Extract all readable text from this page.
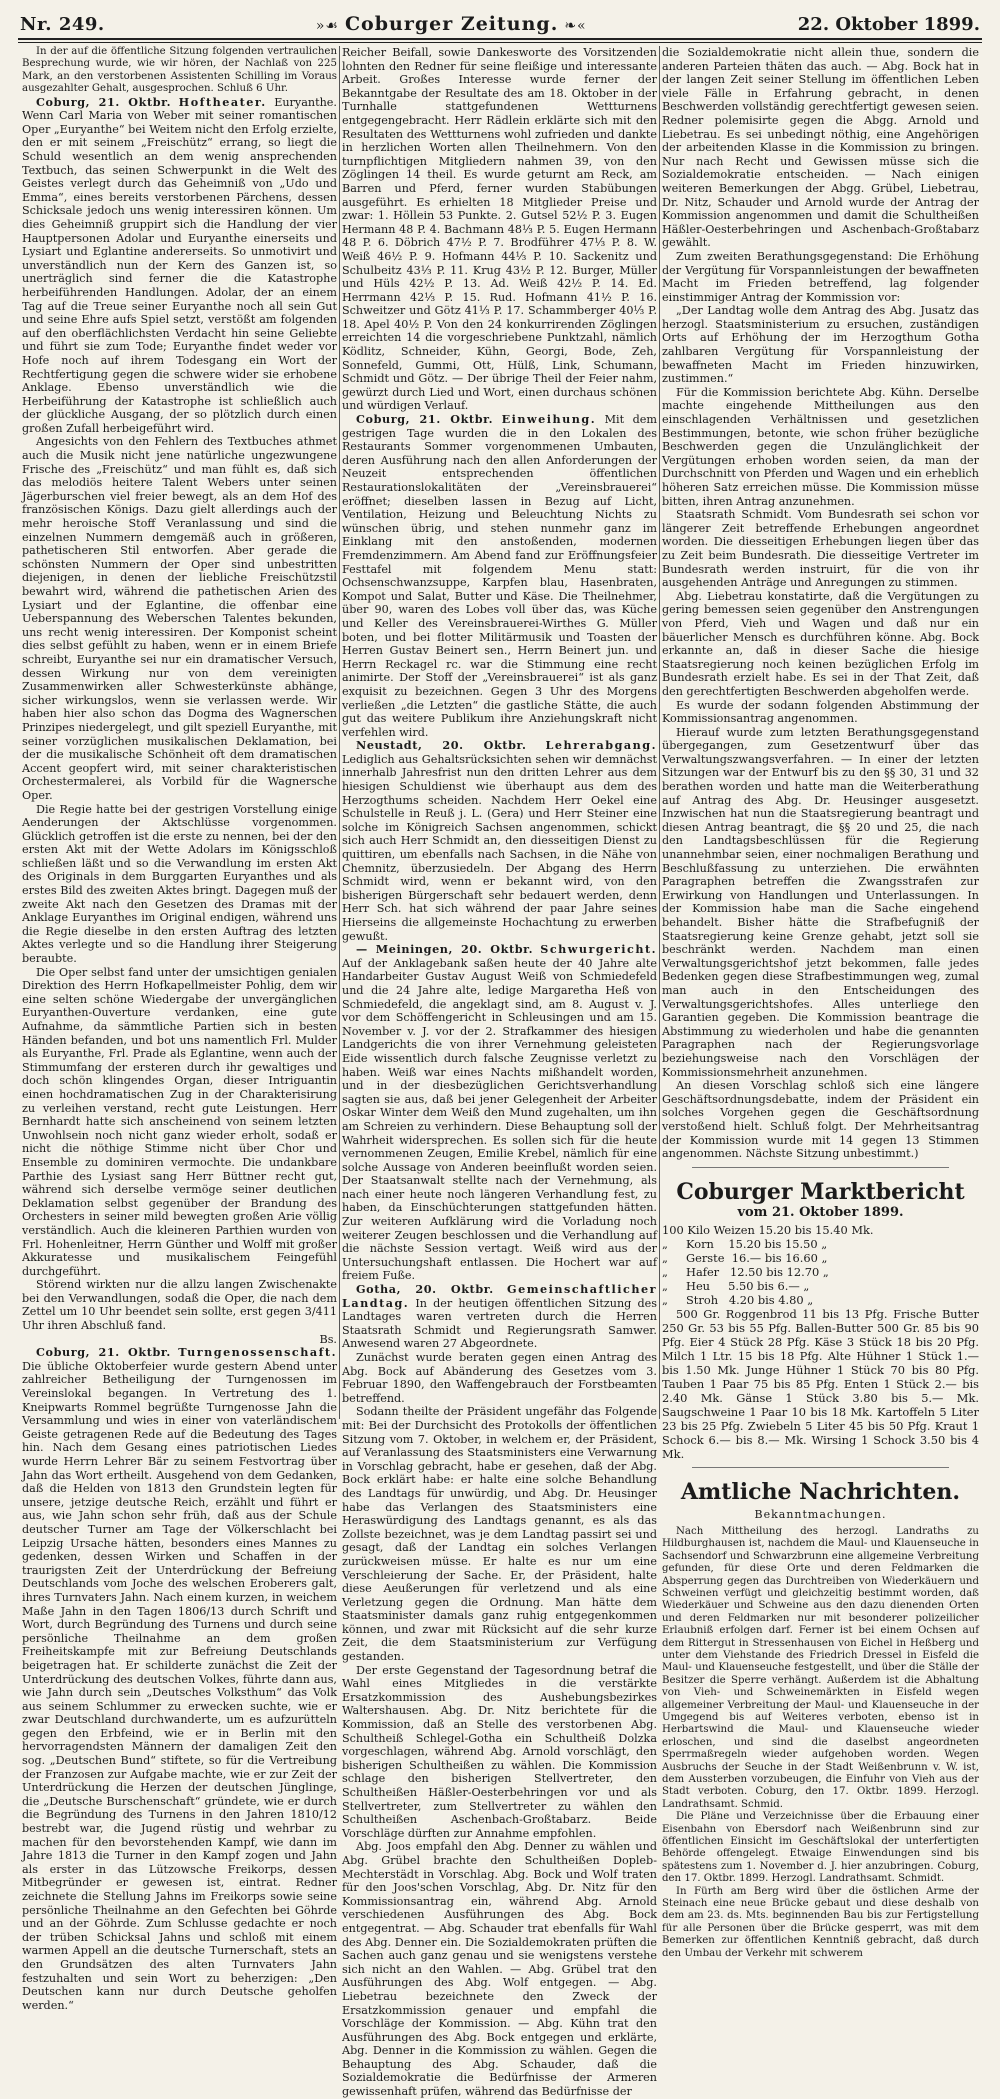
Nr. 249.	»☙ Coburger Zeitung. ❧«	22. Oktober 1899.

In der auf die öffentliche Sitzung folgenden vertraulichen Besprechung wurde, wie wir hören, der Nachlaß von 225 Mark, an den verstorbenen Assistenten Schilling im Voraus ausgezahlter Gehalt, ausgesprochen. Schluß 6 Uhr.

Coburg, 21. Oktbr. Hoftheater. Euryanthe. Wenn Carl Maria von Weber mit seiner romantischen Oper „Euryanthe“ bei Weitem nicht den Erfolg erzielte, den er mit seinem „Freischütz“ errang, so liegt die Schuld wesentlich an dem wenig ansprechenden Textbuch, das seinen Schwerpunkt in die Welt des Geistes verlegt durch das Geheimniß von „Udo und Emma“, eines bereits verstorbenen Pärchens, dessen Schicksale jedoch uns wenig interessiren können. Um dies Geheimniß gruppirt sich die Handlung der vier Hauptpersonen Adolar und Euryanthe einerseits und Lysiart und Eglantine andererseits. So unmotivirt und unverständlich nun der Kern des Ganzen ist, so unerträglich sind ferner die die Katastrophe herbeiführenden Handlungen. Adolar, der an einem Tag auf die Treue seiner Euryanthe noch all sein Gut und seine Ehre aufs Spiel setzt, verstößt am folgenden auf den oberflächlichsten Verdacht hin seine Geliebte und führt sie zum Tode; Euryanthe findet weder vor Hofe noch auf ihrem Todesgang ein Wort der Rechtfertigung gegen die schwere wider sie erhobene Anklage. Ebenso unverständlich wie die Herbeiführung der Katastrophe ist schließlich auch der glückliche Ausgang, der so plötzlich durch einen großen Zufall herbeigeführt wird.

Angesichts von den Fehlern des Textbuches athmet auch die Musik nicht jene natürliche ungezwungene Frische des „Freischütz“ und man fühlt es, daß sich das melodiös heitere Talent Webers unter seinen Jägerburschen viel freier bewegt, als an dem Hof des französischen Königs. Dazu gielt allerdings auch der mehr heroische Stoff Veranlassung und sind die einzelnen Nummern demgemäß auch in größeren, pathetischeren Stil entworfen. Aber gerade die schönsten Nummern der Oper sind unbestritten diejenigen, in denen der liebliche Freischützstil bewahrt wird, während die pathetischen Arien des Lysiart und der Eglantine, die offenbar eine Ueberspannung des Weberschen Talentes bekunden, uns recht wenig interessiren. Der Komponist scheint dies selbst gefühlt zu haben, wenn er in einem Briefe schreibt, Euryanthe sei nur ein dramatischer Versuch, dessen Wirkung nur von dem vereinigten Zusammenwirken aller Schwesterkünste abhänge, sicher wirkungslos, wenn sie verlassen werde. Wir haben hier also schon das Dogma des Wagnerschen Prinzipes niedergelegt, und gilt speziell Euryanthe, mit seiner vorzüglichen musikalischen Deklamation, bei der die musikalische Schönheit oft dem dramatischen Accent geopfert wird, mit seiner charakteristischen Orchestermalerei, als Vorbild für die Wagnersche Oper.

Die Regie hatte bei der gestrigen Vorstellung einige Aenderungen der Aktschlüsse vorgenommen. Glücklich getroffen ist die erste zu nennen, bei der den ersten Akt mit der Wette Adolars im Königsschloß schließen läßt und so die Verwandlung im ersten Akt des Originals in dem Burggarten Euryanthes und als erstes Bild des zweiten Aktes bringt. Dagegen muß der zweite Akt nach den Gesetzen des Dramas mit der Anklage Euryanthes im Original endigen, während uns die Regie dieselbe in den ersten Auftrag des letzten Aktes verlegte und so die Handlung ihrer Steigerung beraubte.

Die Oper selbst fand unter der umsichtigen genialen Direktion des Herrn Hofkapellmeister Pohlig, dem wir eine selten schöne Wiedergabe der unvergänglichen Euryanthen-Ouverture verdanken, eine gute Aufnahme, da sämmtliche Partien sich in besten Händen befanden, und bot uns namentlich Frl. Mulder als Euryanthe, Frl. Prade als Eglantine, wenn auch der Stimmumfang der ersteren durch ihr gewaltiges und doch schön klingendes Organ, dieser Intriguantin einen hochdramatischen Zug in der Charakterisirung zu verleihen verstand, recht gute Leistungen. Herr Bernhardt hatte sich anscheinend von seinem letzten Unwohlsein noch nicht ganz wieder erholt, sodaß er nicht die nöthige Stimme nicht über Chor und Ensemble zu dominiren vermochte. Die undankbare Parthie des Lysiast sang Herr Büttner recht gut, während sich derselbe vermöge seiner deutlichen Deklamation selbst gegenüber der Brandung des Orchesters in seiner mild bewegten großen Arie völlig verständlich. Auch die kleineren Parthien wurden von Frl. Hohenleitner, Herrn Günther und Wolff mit großer Akkuratesse und musikalischem Feingefühl durchgeführt.

Störend wirkten nur die allzu langen Zwischenakte bei den Verwandlungen, sodaß die Oper, die nach dem Zettel um 10 Uhr beendet sein sollte, erst gegen 3/411 Uhr ihren Abschluß fand.

Bs.

Coburg, 21. Oktbr. Turngenossenschaft. Die übliche Oktoberfeier wurde gestern Abend unter zahlreicher Betheiligung der Turngenossen im Vereinslokal begangen. In Vertretung des 1. Kneipwarts Rommel begrüßte Turngenosse Jahn die Versammlung und wies in einer von vaterländischem Geiste getragenen Rede auf die Bedeutung des Tages hin. Nach dem Gesang eines patriotischen Liedes wurde Herrn Lehrer Bär zu seinem Festvortrag über Jahn das Wort ertheilt. Ausgehend von dem Gedanken, daß die Helden von 1813 den Grundstein legten für unsere, jetzige deutsche Reich, erzählt und führt er aus, wie Jahn schon sehr früh, daß aus der Schule deutscher Turner am Tage der Völkerschlacht bei Leipzig Ursache hätten, besonders eines Mannes zu gedenken, dessen Wirken und Schaffen in der traurigsten Zeit der Unterdrückung der Befreiung Deutschlands vom Joche des welschen Eroberers galt, ihres Turnvaters Jahn. Nach einem kurzen, in weichem Maße Jahn in den Tagen 1806/13 durch Schrift und Wort, durch Begründung des Turnens und durch seine persönliche Theilnahme an dem großen Freiheitskampfe mit zur Befreiung Deutschlands beigetragen hat. Er schilderte zunächst die Zeit der Unterdrückung des deutschen Volkes, führte dann aus, wie Jahn durch sein „Deutsches Volksthum“ das Volk aus seinem Schlummer zu erwecken suchte, wie er zwar Deutschland durchwanderte, um es aufzurütteln gegen den Erbfeind, wie er in Berlin mit den hervorragendsten Männern der damaligen Zeit den sog. „Deutschen Bund“ stiftete, so für die Vertreibung der Franzosen zur Aufgabe machte, wie er zur Zeit der Unterdrückung die Herzen der deutschen Jünglinge, die „Deutsche Burschenschaft“ gründete, wie er durch die Begründung des Turnens in den Jahren 1810/12 bestrebt war, die Jugend rüstig und wehrbar zu machen für den bevorstehenden Kampf, wie dann im Jahre 1813 die Turner in den Kampf zogen und Jahn als erster in das Lützowsche Freikorps, dessen Mitbegründer er gewesen ist, eintrat. Redner zeichnete die Stellung Jahns im Freikorps sowie seine persönliche Theilnahme an den Gefechten bei Göhrde und an der Göhrde. Zum Schlusse gedachte er noch der trüben Schicksal Jahns und schloß mit einem warmen Appell an die deutsche Turnerschaft, stets an den Grundsätzen des alten Turnvaters Jahn festzuhalten und sein Wort zu beherzigen: „Den Deutschen kann nur durch Deutsche geholfen werden.“

Reicher Beifall, sowie Dankesworte des Vorsitzenden lohnten den Redner für seine fleißige und interessante Arbeit. Großes Interesse wurde ferner der Bekanntgabe der Resultate des am 18. Oktober in der Turnhalle stattgefundenen Wettturnens entgegengebracht. Herr Rädlein erklärte sich mit den Resultaten des Wettturnens wohl zufrieden und dankte in herzlichen Worten allen Theilnehmern. Von den turnpflichtigen Mitgliedern nahmen 39, von den Zöglingen 14 theil. Es wurde geturnt am Reck, am Barren und Pferd, ferner wurden Stabübungen ausgeführt. Es erhielten 18 Mitglieder Preise und zwar: 1. Höllein 53 Punkte. 2. Gutsel 52½ P. 3. Eugen Hermann 48 P. 4. Bachmann 48⅓ P. 5. Eugen Hermann 48 P. 6. Döbrich 47½ P. 7. Brodführer 47⅓ P. 8. W. Weiß 46½ P. 9. Hofmann 44⅓ P. 10. Sackenitz und Schulbeitz 43⅓ P. 11. Krug 43½ P. 12. Burger, Müller und Hüls 42½ P. 13. Ad. Weiß 42½ P. 14. Ed. Herrmann 42⅓ P. 15. Rud. Hofmann 41½ P. 16. Schweitzer und Götz 41⅓ P. 17. Schammberger 40⅓ P. 18. Apel 40½ P. Von den 24 konkurrirenden Zöglingen erreichten 14 die vorgeschriebene Punktzahl, nämlich Ködlitz, Schneider, Kühn, Georgi, Bode, Zeh, Sonnefeld, Gummi, Ott, Hülß, Link, Schumann, Schmidt und Götz. — Der übrige Theil der Feier nahm, gewürzt durch Lied und Wort, einen durchaus schönen und würdigen Verlauf.

Coburg, 21. Oktbr. Einweihung. Mit dem gestrigen Tage wurden die in den Lokalen des Restaurants Sommer vorgenommenen Umbauten, deren Ausführung nach den allen Anforderungen der Neuzeit entsprechenden öffentlichen Restaurationslokalitäten der „Vereinsbrauerei“ eröffnet; dieselben lassen in Bezug auf Licht, Ventilation, Heizung und Beleuchtung Nichts zu wünschen übrig, und stehen nunmehr ganz im Einklang mit den anstoßenden, modernen Fremdenzimmern. Am Abend fand zur Eröffnungsfeier Festtafel mit folgendem Menu statt: Ochsenschwanzsuppe, Karpfen blau, Hasenbraten, Kompot und Salat, Butter und Käse. Die Theilnehmer, über 90, waren des Lobes voll über das, was Küche und Keller des Vereinsbrauerei-Wirthes G. Müller boten, und bei flotter Militärmusik und Toasten der Herren Gustav Beinert sen., Herrn Beinert jun. und Herrn Reckagel rc. war die Stimmung eine recht animirte. Der Stoff der „Vereinsbrauerei“ ist als ganz exquisit zu bezeichnen. Gegen 3 Uhr des Morgens verließen „die Letzten“ die gastliche Stätte, die auch gut das weitere Publikum ihre Anziehungskraft nicht verfehlen wird.

Neustadt, 20. Oktbr. Lehrerabgang. Lediglich aus Gehaltsrücksichten sehen wir demnächst innerhalb Jahresfrist nun den dritten Lehrer aus dem hiesigen Schuldienst wie überhaupt aus dem des Herzogthums scheiden. Nachdem Herr Oekel eine Schulstelle in Reuß j. L. (Gera) und Herr Steiner eine solche im Königreich Sachsen angenommen, schickt sich auch Herr Schmidt an, den diesseitigen Dienst zu quittiren, um ebenfalls nach Sachsen, in die Nähe von Chemnitz, überzusiedeln. Der Abgang des Herrn Schmidt wird, wenn er bekannt wird, von den bisherigen Bürgerschaft sehr bedauert werden, denn Herr Sch. hat sich während der paar Jahre seines Hierseins die allgemeinste Hochachtung zu erwerben gewußt.

— Meiningen, 20. Oktbr. Schwurgericht. Auf der Anklagebank saßen heute der 40 Jahre alte Handarbeiter Gustav August Weiß von Schmiedefeld und die 24 Jahre alte, ledige Margaretha Heß von Schmiedefeld, die angeklagt sind, am 8. August v. J. vor dem Schöffengericht in Schleusingen und am 15. November v. J. vor der 2. Strafkammer des hiesigen Landgerichts die von ihrer Vernehmung geleisteten Eide wissentlich durch falsche Zeugnisse verletzt zu haben. Weiß war eines Nachts mißhandelt worden, und in der diesbezüglichen Gerichtsverhandlung sagten sie aus, daß bei jener Gelegenheit der Arbeiter Oskar Winter dem Weiß den Mund zugehalten, um ihn am Schreien zu verhindern. Diese Behauptung soll der Wahrheit widersprechen. Es sollen sich für die heute vernommenen Zeugen, Emilie Krebel, nämlich für eine solche Aussage von Anderen beeinflußt worden seien. Der Staatsanwalt stellte nach der Vernehmung, als nach einer heute noch längeren Verhandlung fest, zu haben, da Einschüchterungen stattgefunden hätten. Zur weiteren Aufklärung wird die Vorladung noch weiterer Zeugen beschlossen und die Verhandlung auf die nächste Session vertagt. Weiß wird aus der Untersuchungshaft entlassen. Die Hochert war auf freiem Fuße.

Gotha, 20. Oktbr. Gemeinschaftlicher Landtag. In der heutigen öffentlichen Sitzung des Landtages waren vertreten durch die Herren Staatsrath Schmidt und Regierungsrath Samwer. Anwesend waren 27 Abgeordnete.

Zunächst wurde beraten gegen einen Antrag des Abg. Bock auf Abänderung des Gesetzes vom 3. Februar 1890, den Waffengebrauch der Forstbeamten betreffend.

Sodann theilte der Präsident ungefähr das Folgende mit: Bei der Durchsicht des Protokolls der öffentlichen Sitzung vom 7. Oktober, in welchem er, der Präsident, auf Veranlassung des Staatsministers eine Verwarnung in Vorschlag gebracht, habe er gesehen, daß der Abg. Bock erklärt habe: er halte eine solche Behandlung des Landtags für unwürdig, und Abg. Dr. Heusinger habe das Verlangen des Staatsministers eine Heraswürdigung des Landtags genannt, es als das Zollste bezeichnet, was je dem Landtag passirt sei und gesagt, daß der Landtag ein solches Verlangen zurückweisen müsse. Er halte es nur um eine Verschleierung der Sache. Er, der Präsident, halte diese Aeußerungen für verletzend und als eine Verletzung gegen die Ordnung. Man hätte dem Staatsminister damals ganz ruhig entgegenkommen können, und zwar mit Rücksicht auf die sehr kurze Zeit, die dem Staatsministerium zur Verfügung gestanden.

Der erste Gegenstand der Tagesordnung betraf die Wahl eines Mitgliedes in die verstärkte Ersatzkommission des Aushebungsbezirkes Waltershausen. Abg. Dr. Nitz berichtete für die Kommission, daß an Stelle des verstorbenen Abg. Schultheiß Schlegel-Gotha ein Schultheiß Dolzka vorgeschlagen, während Abg. Arnold vorschlägt, den bisherigen Schultheißen zu wählen. Die Kommission schlage den bisherigen Stellvertreter, den Schultheißen Häßler-Oesterbehringen vor und als Stellvertreter, zum Stellvertreter zu wählen den Schultheißen Aschenbach-Großtabarz. Beide Vorschläge dürften zur Annahme empfohlen.

Abg. Joos empfahl den Abg. Denner zu wählen und Abg. Grübel brachte den Schultheißen Dopleb-Mechterstädt in Vorschlag. Abg. Bock und Wolf traten für den Joos'schen Vorschlag, Abg. Dr. Nitz für den Kommissionsantrag ein, während Abg. Arnold verschiedenen Ausführungen des Abg. Bock entgegentrat. — Abg. Schauder trat ebenfalls für Wahl des Abg. Denner ein. Die Sozialdemokraten prüften die Sachen auch ganz genau und sie wenigstens verstehe sich nicht an den Wahlen. — Abg. Grübel trat den Ausführungen des Abg. Wolf entgegen. — Abg. Liebetrau bezeichnete den Zweck der Ersatzkommission genauer und empfahl die Vorschläge der Kommission. — Abg. Kühn trat den Ausführungen des Abg. Bock entgegen und erklärte, Abg. Denner in die Kommission zu wählen. Gegen die Behauptung des Abg. Schauder, daß die Sozialdemokratie die Bedürfnisse der Armeren gewissenhaft prüfen, während das Bedürfnisse der

die Sozialdemokratie nicht allein thue, sondern die anderen Parteien thäten das auch. — Abg. Bock hat in der langen Zeit seiner Stellung im öffentlichen Leben viele Fälle in Erfahrung gebracht, in denen Beschwerden vollständig gerechtfertigt gewesen seien. Redner polemisirte gegen die Abgg. Arnold und Liebetrau. Es sei unbedingt nöthig, eine Angehörigen der arbeitenden Klasse in die Kommission zu bringen. Nur nach Recht und Gewissen müsse sich die Sozialdemokratie entscheiden. — Nach einigen weiteren Bemerkungen der Abgg. Grübel, Liebetrau, Dr. Nitz, Schauder und Arnold wurde der Antrag der Kommission angenommen und damit die Schultheißen Häßler-Oesterbehringen und Aschenbach-Großtabarz gewählt.

Zum zweiten Berathungsgegenstand: Die Erhöhung der Vergütung für Vorspannleistungen der bewaffneten Macht im Frieden betreffend, lag folgender einstimmiger Antrag der Kommission vor:

„Der Landtag wolle dem Antrag des Abg. Jusatz das herzogl. Staatsministerium zu ersuchen, zuständigen Orts auf Erhöhung der im Herzogthum Gotha zahlbaren Vergütung für Vorspannleistung der bewaffneten Macht im Frieden hinzuwirken, zustimmen.“

Für die Kommission berichtete Abg. Kühn. Derselbe machte eingehende Mittheilungen aus den einschlagenden Verhältnissen und gesetzlichen Bestimmungen, betonte, wie schon früher bezügliche Beschwerden gegen die Unzulänglichkeit der Vergütungen erhoben worden seien, da man der Durchschnitt von Pferden und Wagen und ein erheblich höheren Satz erreichen müsse. Die Kommission müsse bitten, ihren Antrag anzunehmen.

Staatsrath Schmidt. Vom Bundesrath sei schon vor längerer Zeit betreffende Erhebungen angeordnet worden. Die diesseitigen Erhebungen liegen über das zu Zeit beim Bundesrath. Die diesseitige Vertreter im Bundesrath werden instruirt, für die von ihr ausgehenden Anträge und Anregungen zu stimmen.

Abg. Liebetrau konstatirte, daß die Vergütungen zu gering bemessen seien gegenüber den Anstrengungen von Pferd, Vieh und Wagen und daß nur ein bäuerlicher Mensch es durchführen könne. Abg. Bock erkannte an, daß in dieser Sache die hiesige Staatsregierung noch keinen bezüglichen Erfolg im Bundesrath erzielt habe. Es sei in der That Zeit, daß den gerechtfertigten Beschwerden abgeholfen werde.

Es wurde der sodann folgenden Abstimmung der Kommissionsantrag angenommen.

Hierauf wurde zum letzten Berathungsgegenstand übergegangen, zum Gesetzentwurf über das Verwaltungszwangsverfahren. — In einer der letzten Sitzungen war der Entwurf bis zu den §§ 30, 31 und 32 berathen worden und hatte man die Weiterberathung auf Antrag des Abg. Dr. Heusinger ausgesetzt. Inzwischen hat nun die Staatsregierung beantragt und diesen Antrag beantragt, die §§ 20 und 25, die nach den Landtagsbeschlüssen für die Regierung unannehmbar seien, einer nochmaligen Berathung und Beschlußfassung zu unterziehen. Die erwähnten Paragraphen betreffen die Zwangsstrafen zur Erwirkung von Handlungen und Unterlassungen. In der Kommission habe man die Sache eingehend behandelt. Bisher hätte die Strafbefugniß der Staatsregierung keine Grenze gehabt, jetzt soll sie beschränkt werden. Nachdem man einen Verwaltungsgerichtshof jetzt bekommen, falle jedes Bedenken gegen diese Strafbestimmungen weg, zumal man auch in den Entscheidungen des Verwaltungsgerichtshofes. Alles unterliege den Garantien gegeben. Die Kommission beantrage die Abstimmung zu wiederholen und habe die genannten Paragraphen nach der Regierungsvorlage beziehungsweise nach den Vorschlägen der Kommissionsmehrheit anzunehmen.

An diesen Vorschlag schloß sich eine längere Geschäftsordnungsdebatte, indem der Präsident ein solches Vorgehen gegen die Geschäftsordnung verstoßend hielt. Schluß folgt. Der Mehrheitsantrag der Kommission wurde mit 14 gegen 13 Stimmen angenommen. Nächste Sitzung unbestimmt.)

Coburger Marktbericht
vom 21. Oktober 1899.
100 Kilo Weizen 15.20 bis 15.40 Mk.
„     Korn    15.20 bis 15.50 „
„     Gerste  16.— bis 16.60 „
„     Hafer   12.50 bis 12.70 „
„     Heu     5.50 bis 6.— „
„     Stroh   4.20 bis 4.80 „

500 Gr. Roggenbrod 11 bis 13 Pfg. Frische Butter 250 Gr. 53 bis 55 Pfg. Ballen-Butter 500 Gr. 85 bis 90 Pfg. Eier 4 Stück 28 Pfg. Käse 3 Stück 18 bis 20 Pfg. Milch 1 Ltr. 15 bis 18 Pfg. Alte Hühner 1 Stück 1.— bis 1.50 Mk. Junge Hühner 1 Stück 70 bis 80 Pfg. Tauben 1 Paar 75 bis 85 Pfg. Enten 1 Stück 2.— bis 2.40 Mk. Gänse 1 Stück 3.80 bis 5.— Mk. Saugschweine 1 Paar 10 bis 18 Mk. Kartoffeln 5 Liter 23 bis 25 Pfg. Zwiebeln 5 Liter 45 bis 50 Pfg. Kraut 1 Schock 6.— bis 8.— Mk. Wirsing 1 Schock 3.50 bis 4 Mk.

Amtliche Nachrichten.
Bekanntmachungen.

Nach Mittheilung des herzogl. Landraths zu Hildburghausen ist, nachdem die Maul- und Klauenseuche in Sachsendorf und Schwarzbrunn eine allgemeine Verbreitung gefunden, für diese Orte und deren Feldmarken die Absperrung gegen das Durchtreiben von Wiederkäuern und Schweinen verfügt und gleichzeitig bestimmt worden, daß Wiederkäuer und Schweine aus den dazu dienenden Orten und deren Feldmarken nur mit besonderer polizeilicher Erlaubniß erfolgen darf. Ferner ist bei einem Ochsen auf dem Rittergut in Stressenhausen von Eichel in Heßberg und unter dem Viehstande des Friedrich Dressel in Eisfeld die Maul- und Klauenseuche festgestellt, und über die Ställe der Besitzer die Sperre verhängt. Außerdem ist die Abhaltung von Vieh- und Schweinemärkten in Eisfeld wegen allgemeiner Verbreitung der Maul- und Klauenseuche in der Umgegend bis auf Weiteres verboten, ebenso ist in Herbartswind die Maul- und Klauenseuche wieder erloschen, und sind die daselbst angeordneten Sperrmaßregeln wieder aufgehoben worden. Wegen Ausbruchs der Seuche in der Stadt Weißenbrunn v. W. ist, dem Aussterben vorzubeugen, die Einfuhr von Vieh aus der Stadt verboten. Coburg, den 17. Oktbr. 1899. Herzogl. Landrathsamt. Schmid.

Die Pläne und Verzeichnisse über die Erbauung einer Eisenbahn von Ebersdorf nach Weißenbrunn sind zur öffentlichen Einsicht im Geschäftslokal der unterfertigten Behörde offengelegt. Etwaige Einwendungen sind bis spätestens zum 1. November d. J. hier anzubringen. Coburg, den 17. Oktbr. 1899. Herzogl. Landrathsamt. Schmidt.

In Fürth am Berg wird über die östlichen Arme der Steinach eine neue Brücke gebaut und diese deshalb von dem am 23. ds. Mts. beginnenden Bau bis zur Fertigstellung für alle Personen über die Brücke gesperrt, was mit dem Bemerken zur öffentlichen Kenntniß gebracht, daß durch den Umbau der Verkehr mit schwerem
